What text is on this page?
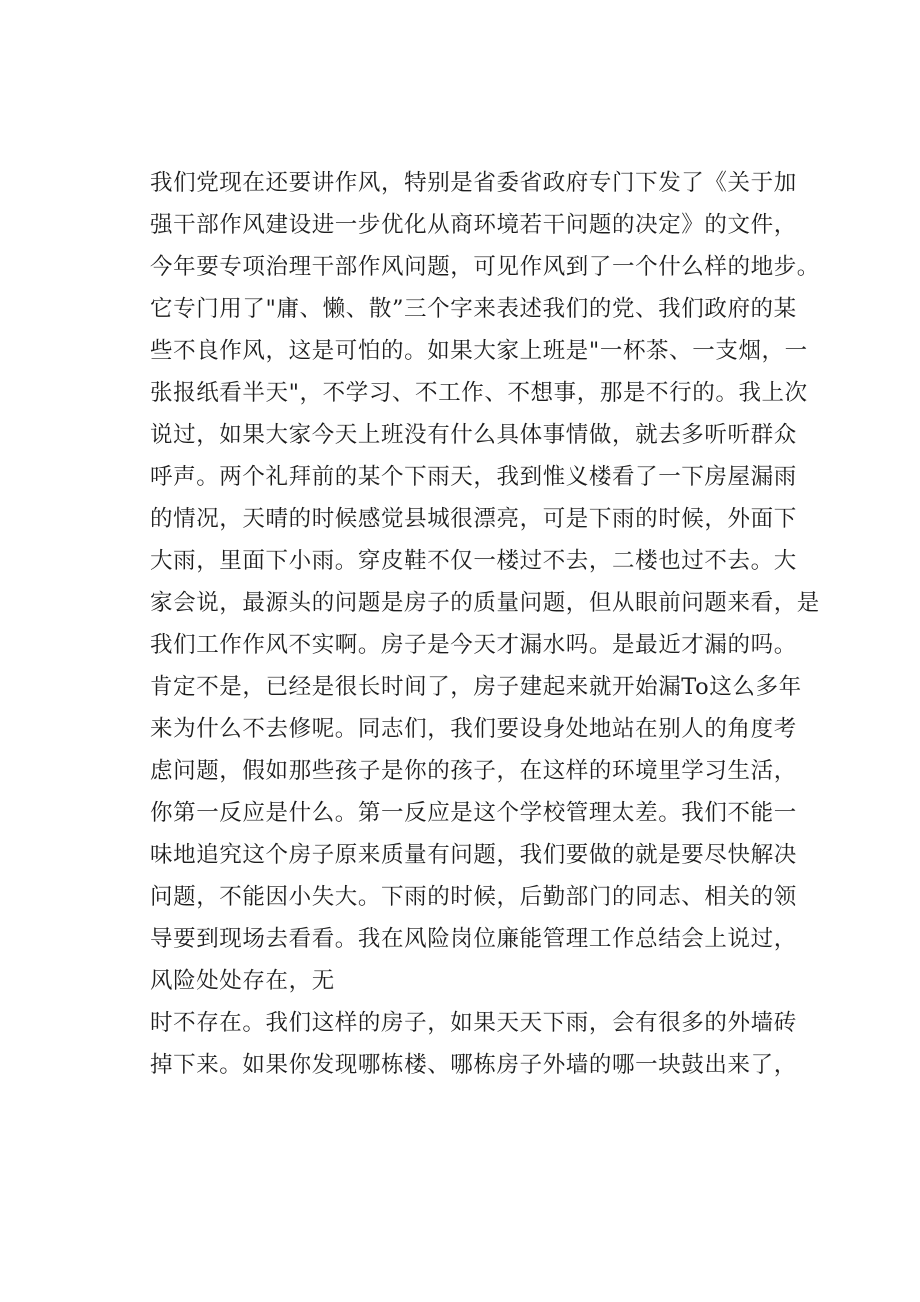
我们党现在还要讲作风，特别是省委省政府专门下发了《关于加
强干部作风建设进一步优化从商环境若干问题的决定》的文件，
今年要专项治理干部作风问题，可见作风到了一个什么样的地步。
它专门用了"庸、懒、散”三个字来表述我们的党、我们政府的某
些不良作风，这是可怕的。如果大家上班是"一杯茶、一支烟，一
张报纸看半天"，不学习、不工作、不想事，那是不行的。我上次
说过，如果大家今天上班没有什么具体事情做，就去多听听群众
呼声。两个礼拜前的某个下雨天，我到惟义楼看了一下房屋漏雨
的情况，天晴的时候感觉县城很漂亮，可是下雨的时候，外面下
大雨，里面下小雨。穿皮鞋不仅一楼过不去，二楼也过不去。大
家会说，最源头的问题是房子的质量问题，但从眼前问题来看，是
我们工作作风不实啊。房子是今天才漏水吗。是最近才漏的吗。
肯定不是，已经是很长时间了，房子建起来就开始漏To这么多年
来为什么不去修呢。同志们，我们要设身处地站在别人的角度考
虑问题，假如那些孩子是你的孩子，在这样的环境里学习生活，
你第一反应是什么。第一反应是这个学校管理太差。我们不能一
味地追究这个房子原来质量有问题，我们要做的就是要尽快解决
问题，不能因小失大。下雨的时候，后勤部门的同志、相关的领
导要到现场去看看。我在风险岗位廉能管理工作总结会上说过，
风险处处存在，无
时不存在。我们这样的房子，如果天天下雨，会有很多的外墙砖
掉下来。如果你发现哪栋楼、哪栋房子外墙的哪一块鼓出来了，
